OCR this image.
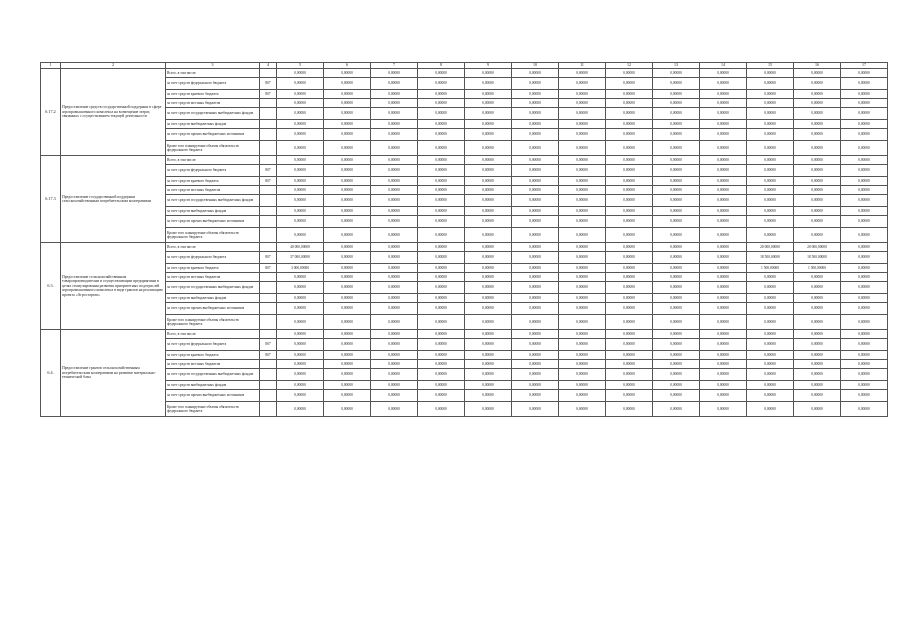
1	2	3	4	5	6	7	8	9	10	11	12	13	14	15	16	17
6.17.2	Предоставление средств государственной поддержки в сфере агропромышленного комплекса на возмещение затрат, связанных с осуществлением текущей деятельности	Всего, в том числе:		0,00000	0,00000	0,00000	0,00000	0,00000	0,00000	0,00000	0,00000	0,00000	0,00000	0,00000	0,00000	0,00000
		за счет средств федерального бюджета	807	0,00000	0,00000	0,00000	0,00000	0,00000	0,00000	0,00000	0,00000	0,00000	0,00000	0,00000	0,00000	0,00000
		за счет средств краевого бюджета	807	0,00000	0,00000	0,00000	0,00000	0,00000	0,00000	0,00000	0,00000	0,00000	0,00000	0,00000	0,00000	0,00000
		за счет средств местных бюджетов		0,00000	0,00000	0,00000	0,00000	0,00000	0,00000	0,00000	0,00000	0,00000	0,00000	0,00000	0,00000	0,00000
		за счет средств государственных внебюджетных фондов		0,00000	0,00000	0,00000	0,00000	0,00000	0,00000	0,00000	0,00000	0,00000	0,00000	0,00000	0,00000	0,00000
		за счет средств внебюджетных фондов		0,00000	0,00000	0,00000	0,00000	0,00000	0,00000	0,00000	0,00000	0,00000	0,00000	0,00000	0,00000	0,00000
		за счет средств прочих внебюджетных источников		0,00000	0,00000	0,00000	0,00000	0,00000	0,00000	0,00000	0,00000	0,00000	0,00000	0,00000	0,00000	0,00000
		Кроме того планируемые объемы обязательств федерального бюджета		0,00000	0,00000	0,00000	0,00000	0,00000	0,00000	0,00000	0,00000	0,00000	0,00000	0,00000	0,00000	0,00000
6.17.3	Предоставление государственной поддержки сельскохозяйственным потребительским кооперативам	Всего, в том числе:		0,00000	0,00000	0,00000	0,00000	0,00000	0,00000	0,00000	0,00000	0,00000	0,00000	0,00000	0,00000	0,00000
		за счет средств федерального бюджета	807	0,00000	0,00000	0,00000	0,00000	0,00000	0,00000	0,00000	0,00000	0,00000	0,00000	0,00000	0,00000	0,00000
		за счет средств краевого бюджета	807	0,00000	0,00000	0,00000	0,00000	0,00000	0,00000	0,00000	0,00000	0,00000	0,00000	0,00000	0,00000	0,00000
		за счет средств местных бюджетов		0,00000	0,00000	0,00000	0,00000	0,00000	0,00000	0,00000	0,00000	0,00000	0,00000	0,00000	0,00000	0,00000
		за счет средств государственных внебюджетных фондов		0,00000	0,00000	0,00000	0,00000	0,00000	0,00000	0,00000	0,00000	0,00000	0,00000	0,00000	0,00000	0,00000
		за счет средств внебюджетных фондов		0,00000	0,00000	0,00000	0,00000	0,00000	0,00000	0,00000	0,00000	0,00000	0,00000	0,00000	0,00000	0,00000
		за счет средств прочих внебюджетных источников		0,00000	0,00000	0,00000	0,00000	0,00000	0,00000	0,00000	0,00000	0,00000	0,00000	0,00000	0,00000	0,00000
		Кроме того планируемые объемы обязательств федерального бюджета		0,00000	0,00000	0,00000	0,00000	0,00000	0,00000	0,00000	0,00000	0,00000	0,00000	0,00000	0,00000	0,00000
6.3.	Предоставление сельскохозяйственным товаропроизводителям и осуществляющим предприятиям в целях стимулирования развития приоритетных подотраслей агропромышленного комплекса в виде грантов на реализацию проекта «Агростартап»	Всего, в том числе:		40 000,00000	0,00000	0,00000	0,00000	0,00000	0,00000	0,00000	0,00000	0,00000	0,00000	20 000,00000	20 000,00000	0,00000
		за счет средств федерального бюджета	807	37 000,00000	0,00000	0,00000	0,00000	0,00000	0,00000	0,00000	0,00000	0,00000	0,00000	18 500,00000	18 500,00000	0,00000
		за счет средств краевого бюджета	807	3 000,00000	0,00000	0,00000	0,00000	0,00000	0,00000	0,00000	0,00000	0,00000	0,00000	1 500,00000	1 500,00000	0,00000
		за счет средств местных бюджетов		0,00000	0,00000	0,00000	0,00000	0,00000	0,00000	0,00000	0,00000	0,00000	0,00000	0,00000	0,00000	0,00000
		за счет средств государственных внебюджетных фондов		0,00000	0,00000	0,00000	0,00000	0,00000	0,00000	0,00000	0,00000	0,00000	0,00000	0,00000	0,00000	0,00000
		за счет средств внебюджетных фондов		0,00000	0,00000	0,00000	0,00000	0,00000	0,00000	0,00000	0,00000	0,00000	0,00000	0,00000	0,00000	0,00000
		за счет средств прочих внебюджетных источников		0,00000	0,00000	0,00000	0,00000	0,00000	0,00000	0,00000	0,00000	0,00000	0,00000	0,00000	0,00000	0,00000
		Кроме того планируемые объемы обязательств федерального бюджета		0,00000	0,00000	0,00000	0,00000	0,00000	0,00000	0,00000	0,00000	0,00000	0,00000	0,00000	0,00000	0,00000
6.4.	Предоставление грантов сельскохозяйственным потребительским кооперативам на развитие материально-технической базы	Всего, в том числе:		0,00000	0,00000	0,00000	0,00000	0,00000	0,00000	0,00000	0,00000	0,00000	0,00000	0,00000	0,00000	0,00000
		за счет средств федерального бюджета	807	0,00000	0,00000	0,00000	0,00000	0,00000	0,00000	0,00000	0,00000	0,00000	0,00000	0,00000	0,00000	0,00000
		за счет средств краевого бюджета	807	0,00000	0,00000	0,00000	0,00000	0,00000	0,00000	0,00000	0,00000	0,00000	0,00000	0,00000	0,00000	0,00000
		за счет средств местных бюджетов		0,00000	0,00000	0,00000	0,00000	0,00000	0,00000	0,00000	0,00000	0,00000	0,00000	0,00000	0,00000	0,00000
		за счет средств государственных внебюджетных фондов		0,00000	0,00000	0,00000	0,00000	0,00000	0,00000	0,00000	0,00000	0,00000	0,00000	0,00000	0,00000	0,00000
		за счет средств внебюджетных фондов		0,00000	0,00000	0,00000	0,00000	0,00000	0,00000	0,00000	0,00000	0,00000	0,00000	0,00000	0,00000	0,00000
		за счет средств прочих внебюджетных источников		0,00000	0,00000	0,00000	0,00000	0,00000	0,00000	0,00000	0,00000	0,00000	0,00000	0,00000	0,00000	0,00000
		Кроме того планируемые объемы обязательств федерального бюджета		0,00000	0,00000	0,00000	0,00000	0,00000	0,00000	0,00000	0,00000	0,00000	0,00000	0,00000	0,00000	0,00000
